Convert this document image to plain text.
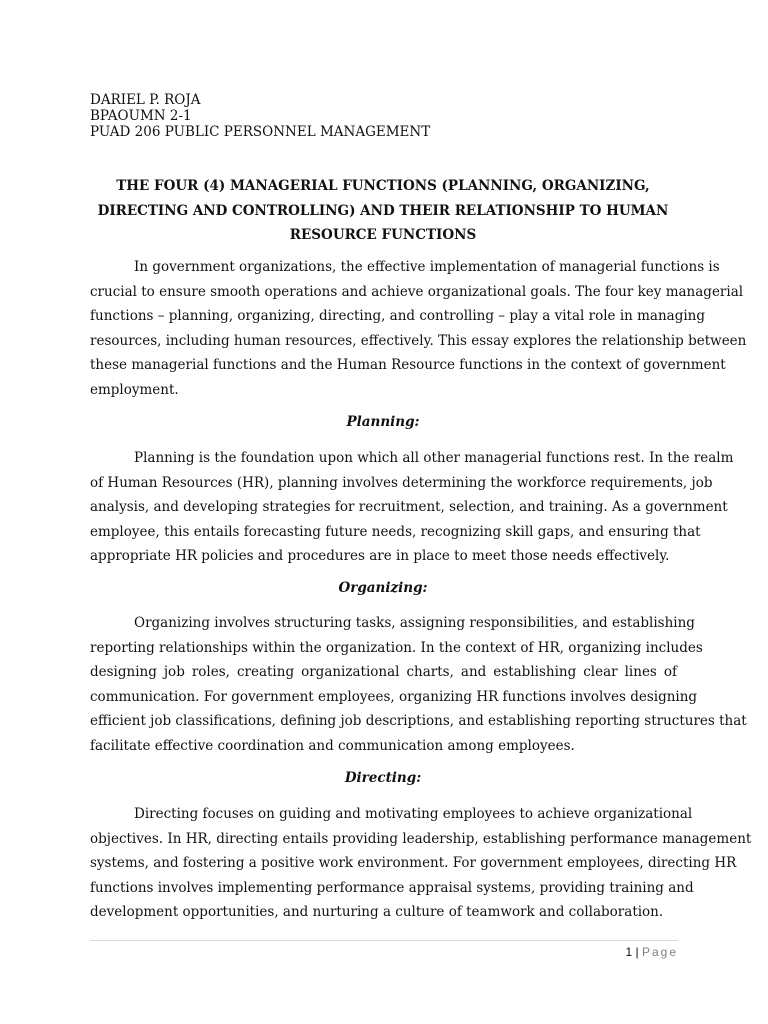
DARIEL P. ROJA
BPAOUMN 2-1
PUAD 206 PUBLIC PERSONNEL MANAGEMENT
THE FOUR (4) MANAGERIAL FUNCTIONS (PLANNING, ORGANIZING,
DIRECTING AND CONTROLLING) AND THEIR RELATIONSHIP TO HUMAN
RESOURCE FUNCTIONS
In government organizations, the effective implementation of managerial functions is
crucial to ensure smooth operations and achieve organizational goals. The four key managerial
functions – planning, organizing, directing, and controlling – play a vital role in managing
resources, including human resources, effectively. This essay explores the relationship between
these managerial functions and the Human Resource functions in the context of government
employment.
Planning:
Planning is the foundation upon which all other managerial functions rest. In the realm
of Human Resources (HR), planning involves determining the workforce requirements, job
analysis, and developing strategies for recruitment, selection, and training. As a government
employee, this entails forecasting future needs, recognizing skill gaps, and ensuring that
appropriate HR policies and procedures are in place to meet those needs effectively.
Organizing:
Organizing involves structuring tasks, assigning responsibilities, and establishing
reporting relationships within the organization. In the context of HR, organizing includes
designing job roles, creating organizational charts, and establishing clear lines of
communication. For government employees, organizing HR functions involves designing
efficient job classifications, defining job descriptions, and establishing reporting structures that
facilitate effective coordination and communication among employees.
Directing:
Directing focuses on guiding and motivating employees to achieve organizational
objectives. In HR, directing entails providing leadership, establishing performance management
systems, and fostering a positive work environment. For government employees, directing HR
functions involves implementing performance appraisal systems, providing training and
development opportunities, and nurturing a culture of teamwork and collaboration.
1 | Page
